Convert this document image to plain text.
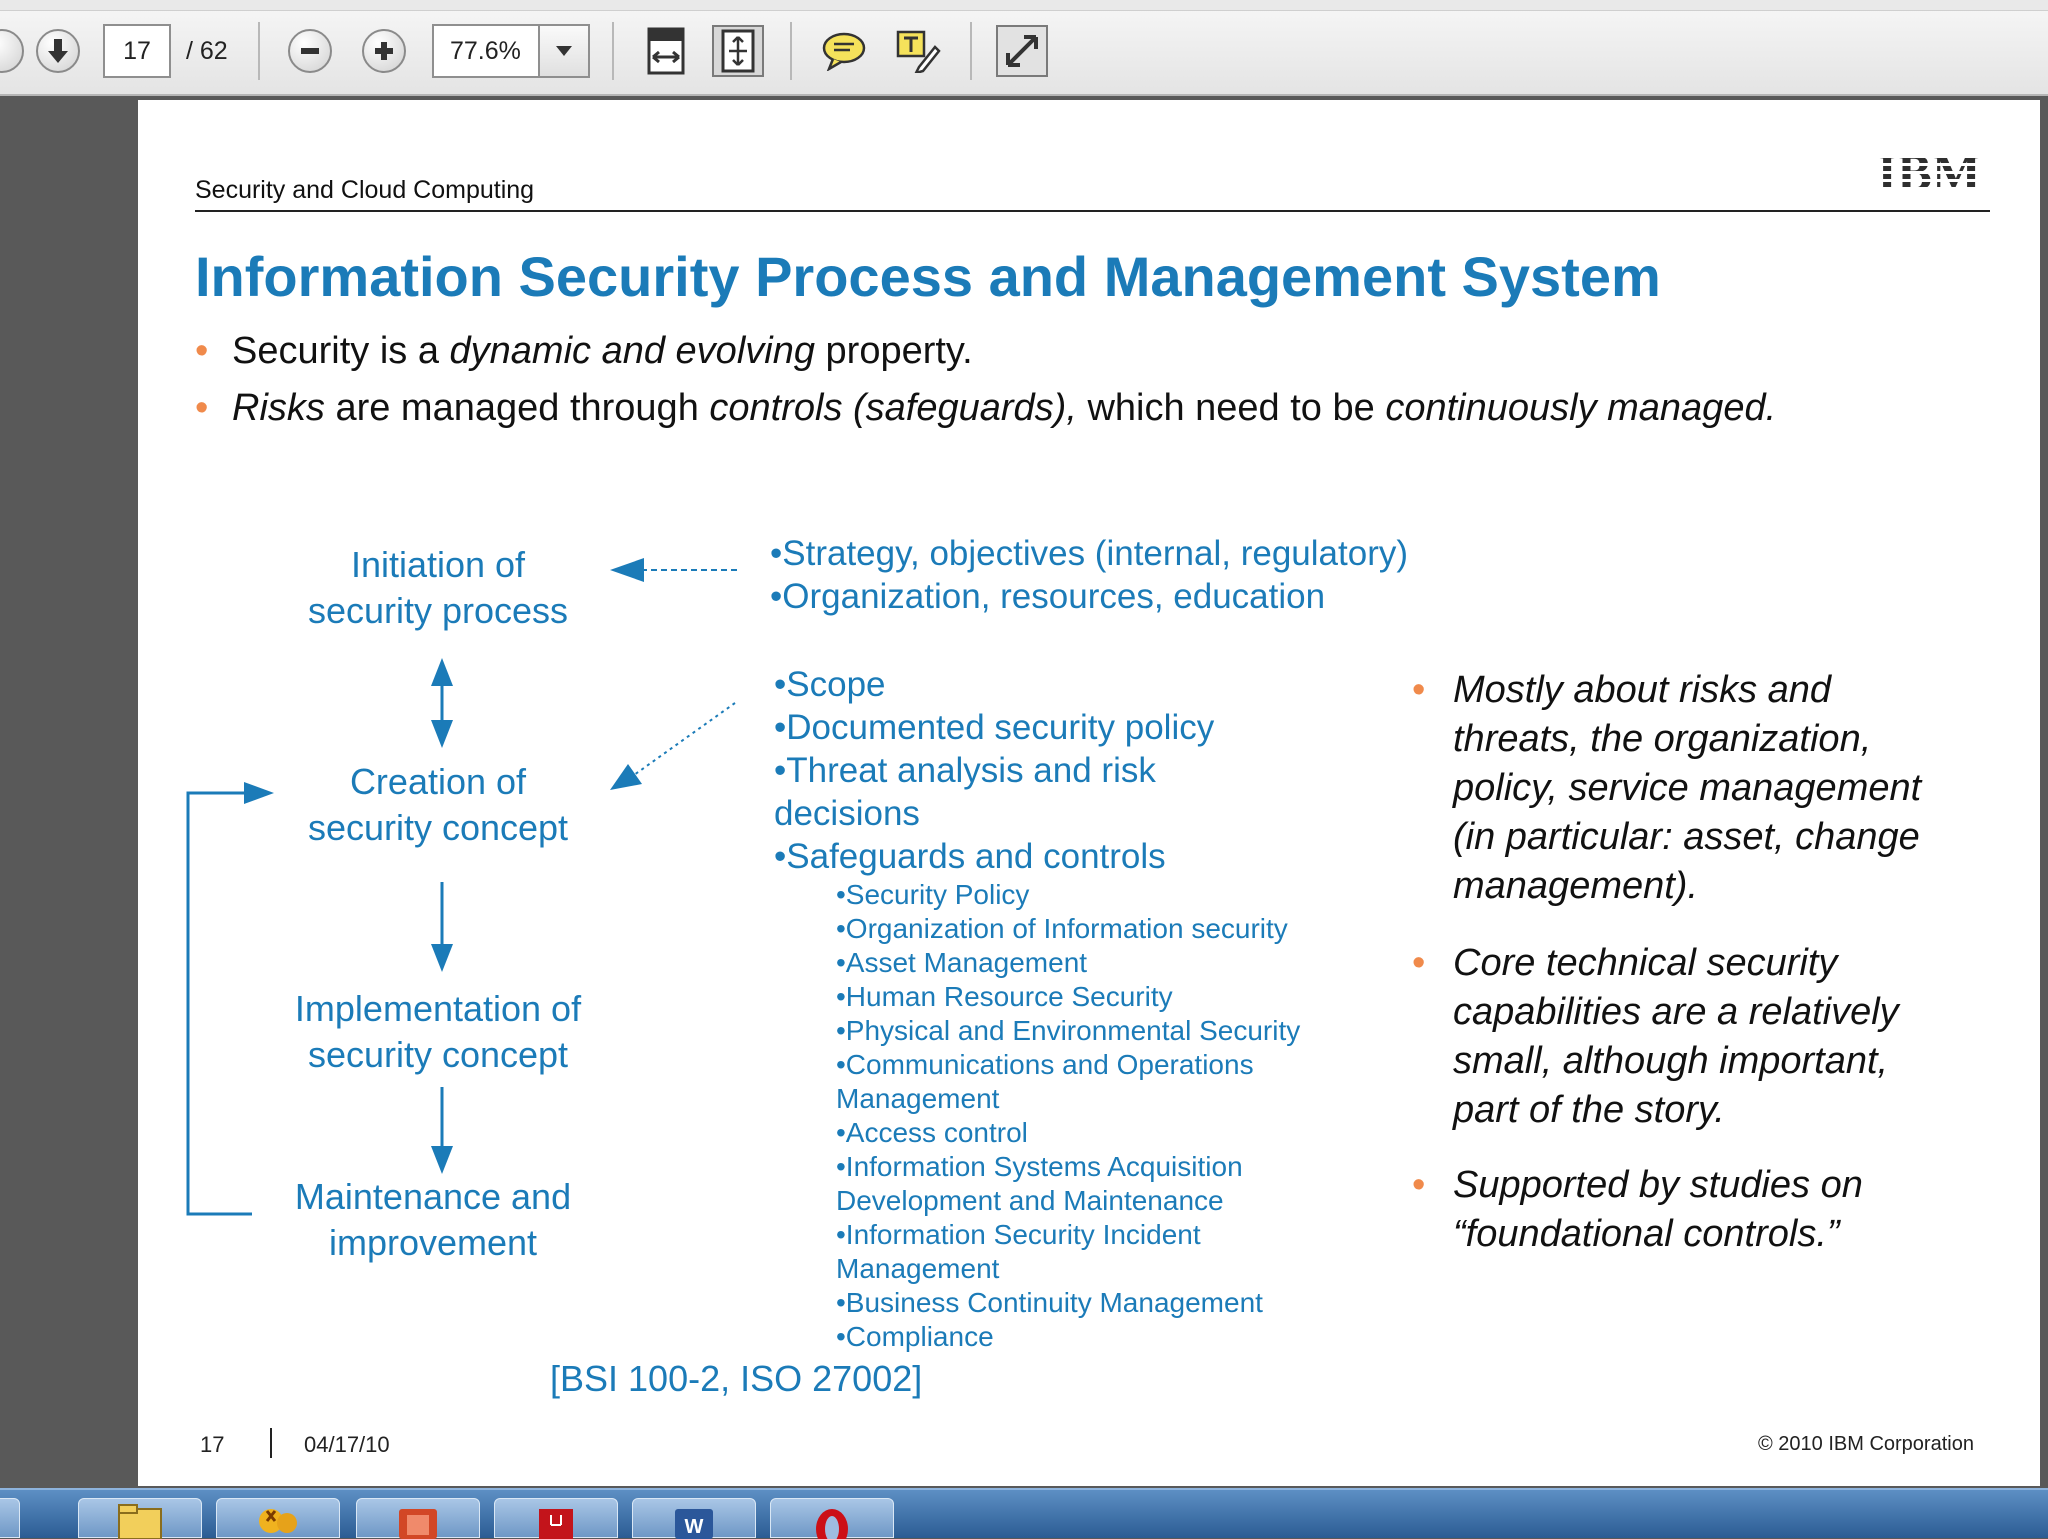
17 / 62	77.6%
Security and Cloud Computing
Information Security Process and Management System
• Security is a dynamic and evolving property.
• Risks are managed through controls (safeguards), which need to be continuously managed.
Initiation of
security process
Creation of
security concept
Implementation of
security concept
Maintenance and
improvement
•Strategy, objectives (internal, regulatory)
•Organization, resources, education
•Scope
•Documented security policy
•Threat analysis and risk
decisions
•Safeguards and controls
•Security Policy
•Organization of Information security
•Asset Management
•Human Resource Security
•Physical and Environmental Security
•Communications and Operations
Management
•Access control
•Information Systems Acquisition
Development and Maintenance
•Information Security Incident
Management
•Business Continuity Management
•Compliance
[BSI 100-2, ISO 27002]
• Mostly about risks and
threats, the organization,
policy, service management
(in particular: asset, change
management).
• Core technical security
capabilities are a relatively
small, although important,
part of the story.
• Supported by studies on
“foundational controls.”
17	04/17/10	© 2010 IBM Corporation
W
